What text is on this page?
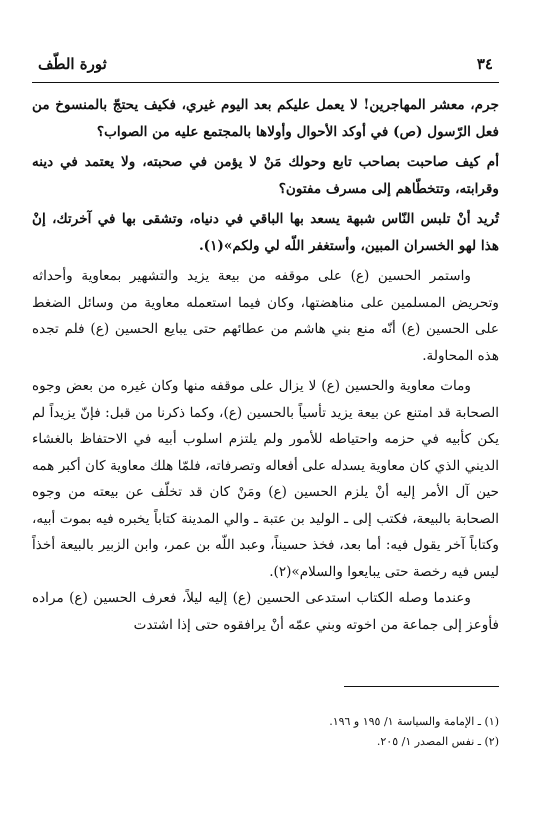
٣٤
ثورة الطّف

جرم، معشر المهاجرين! لا يعمل عليكم بعد اليوم غيري، فكيف يحتجّ بالمنسوخ من فعل الرّسول (ص) في أوكد الأحوال وأولاها بالمجتمع عليه من الصواب؟

أم كيف صاحبت بصاحب تابع وحولك مَنْ لا يؤمن في صحبته، ولا يعتمد في دينه وقرابته، وتتخطّاهم إلى مسرف مفتون؟

تُريد أنْ تلبس النّاس شبهة يسعد بها الباقي في دنياه، وتشقى بها في آخرتك، إنْ هذا لهو الخسران المبين، وأستغفر اللّه لي ولكم»(١).

واستمر الحسين (ع) على موقفه من بيعة يزيد والتشهير بمعاوية وأحداثه وتحريض المسلمين على مناهضتها، وكان فيما استعمله معاوية من وسائل الضغط على الحسين (ع) أنّه منع بني هاشم من عطائهم حتى يبايع الحسين (ع) فلم تجده هذه المحاولة.

ومات معاوية والحسين (ع) لا يزال على موقفه منها وكان غيره من بعض وجوه الصحابة قد امتنع عن بيعة يزيد تأسياً بالحسين (ع)، وكما ذكرنا من قبل: فإنّ يزيداً لم يكن كأبيه في حزمه واحتياطه للأمور ولم يلتزم اسلوب أبيه في الاحتفاظ بالغشاء الديني الذي كان معاوية يسدله على أفعاله وتصرفاته، فلمّا هلك معاوية كان أكبر همه حين آل الأمر إليه أنْ يلزم الحسين (ع) ومَنْ كان قد تخلّف عن بيعته من وجوه الصحابة بالبيعة، فكتب إلى ـ الوليد بن عتبة ـ والي المدينة كتاباً يخبره فيه بموت أبيه، وكتاباً آخر يقول فيه: أما بعد، فخذ حسيناً، وعبد اللّه بن عمر، وابن الزبير بالبيعة أخذاً ليس فيه رخصة حتى يبايعوا والسلام»(٢).

وعندما وصله الكتاب استدعى الحسين (ع) إليه ليلاً، فعرف الحسين (ع) مراده فأوعز إلى جماعة من اخوته وبني عمّه أنْ يرافقوه حتى إذا اشتدت

(١) ـ الإمامة والسياسة ١/ ١٩٥ و ١٩٦.

(٢) ـ نفس المصدر ١/ ٢٠٥.
